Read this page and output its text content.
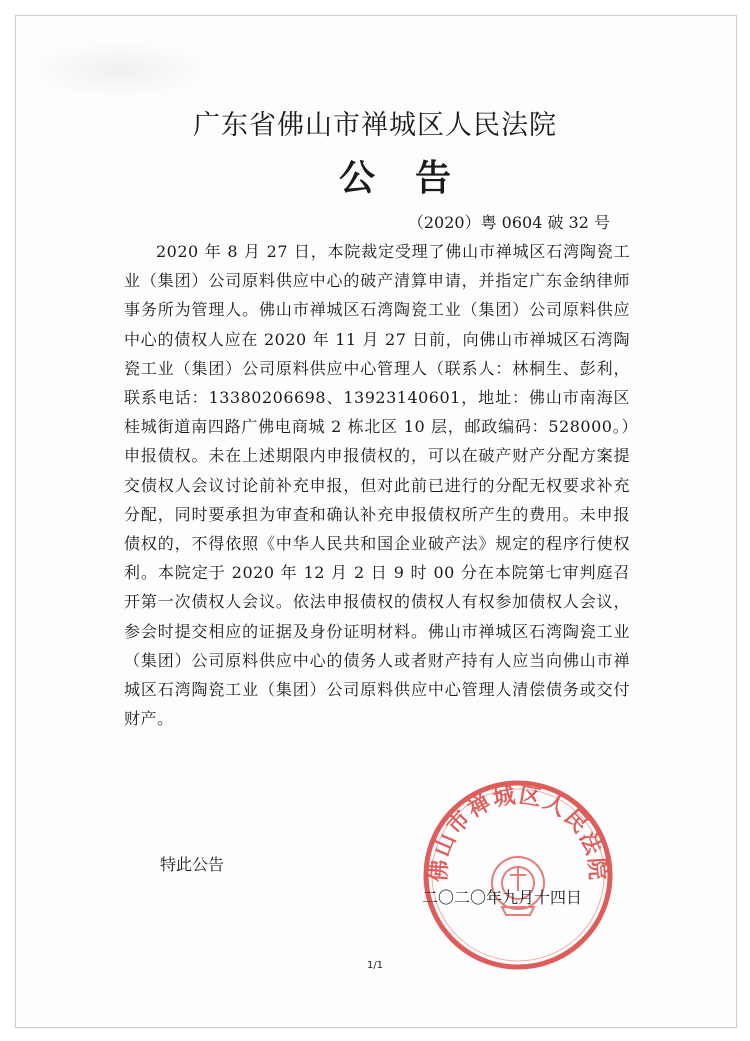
广东省佛山市禅城区人民法院
公告
（2020）粤 0604 破 32 号
2020 年 8 月 27 日，本院裁定受理了佛山市禅城区石湾陶瓷工业（集团）公司原料供应中心的破产清算申请，并指定广东金纳律师事务所为管理人。佛山市禅城区石湾陶瓷工业（集团）公司原料供应中心的债权人应在 2020 年 11 月 27 日前，向佛山市禅城区石湾陶瓷工业（集团）公司原料供应中心管理人（联系人：林桐生、彭利，联系电话：13380206698、13923140601，地址：佛山市南海区桂城街道南四路广佛电商城 2 栋北区 10 层，邮政编码：528000。）申报债权。未在上述期限内申报债权的，可以在破产财产分配方案提交债权人会议讨论前补充申报，但对此前已进行的分配无权要求补充分配，同时要承担为审查和确认补充申报债权所产生的费用。未申报债权的，不得依照《中华人民共和国企业破产法》规定的程序行使权利。本院定于 2020 年 12 月 2 日 9 时 00 分在本院第七审判庭召开第一次债权人会议。依法申报债权的债权人有权参加债权人会议，参会时提交相应的证据及身份证明材料。佛山市禅城区石湾陶瓷工业（集团）公司原料供应中心的债务人或者财产持有人应当向佛山市禅城区石湾陶瓷工业（集团）公司原料供应中心管理人清偿债务或交付财产。
特此公告	佛山市禅城区人民法院
二〇二〇年九月十四日
1/1
